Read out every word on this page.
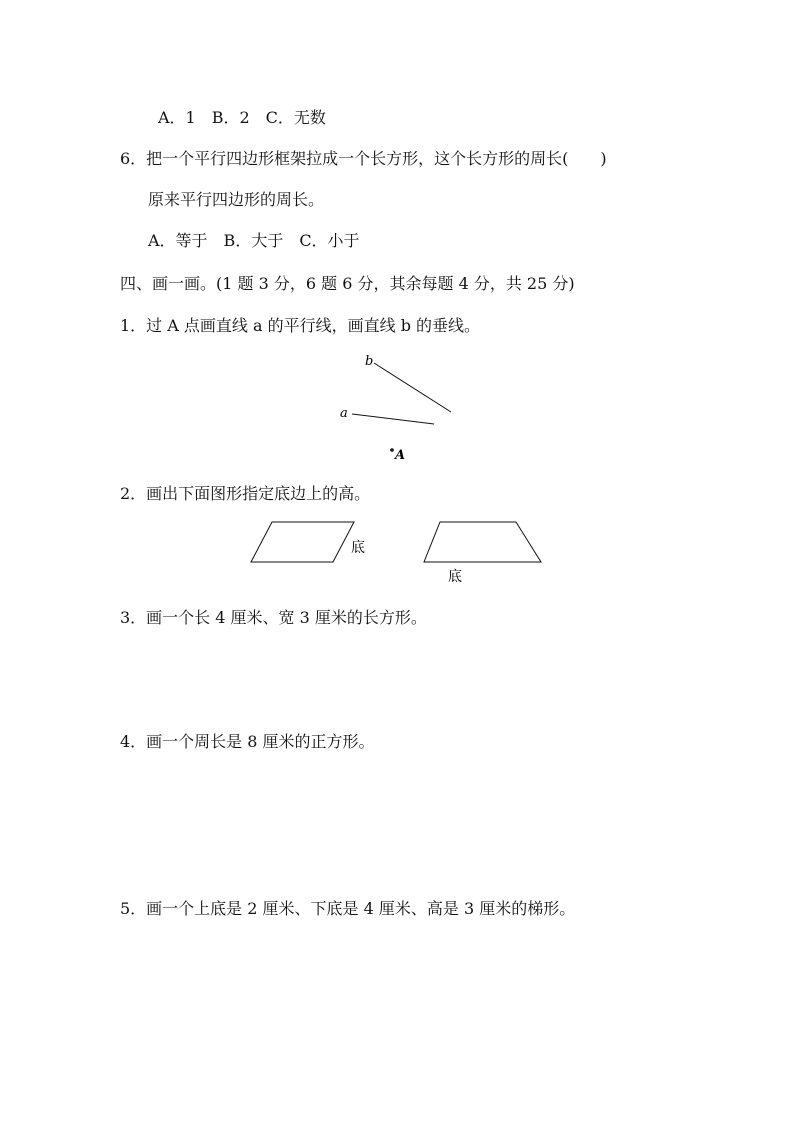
A．1　B．2　C．无数
6．把一个平行四边形框架拉成一个长方形，这个长方形的周长(　　)
原来平行四边形的周长。
A．等于　B．大于　C．小于
四、画一画。(1 题 3 分，6 题 6 分，其余每题 4 分，共 25 分)
1．过 A 点画直线 a 的平行线，画直线 b 的垂线。
b
a
A
2．画出下面图形指定底边上的高。
底
底
3．画一个长 4 厘米、宽 3 厘米的长方形。
4．画一个周长是 8 厘米的正方形。
5．画一个上底是 2 厘米、下底是 4 厘米、高是 3 厘米的梯形。
